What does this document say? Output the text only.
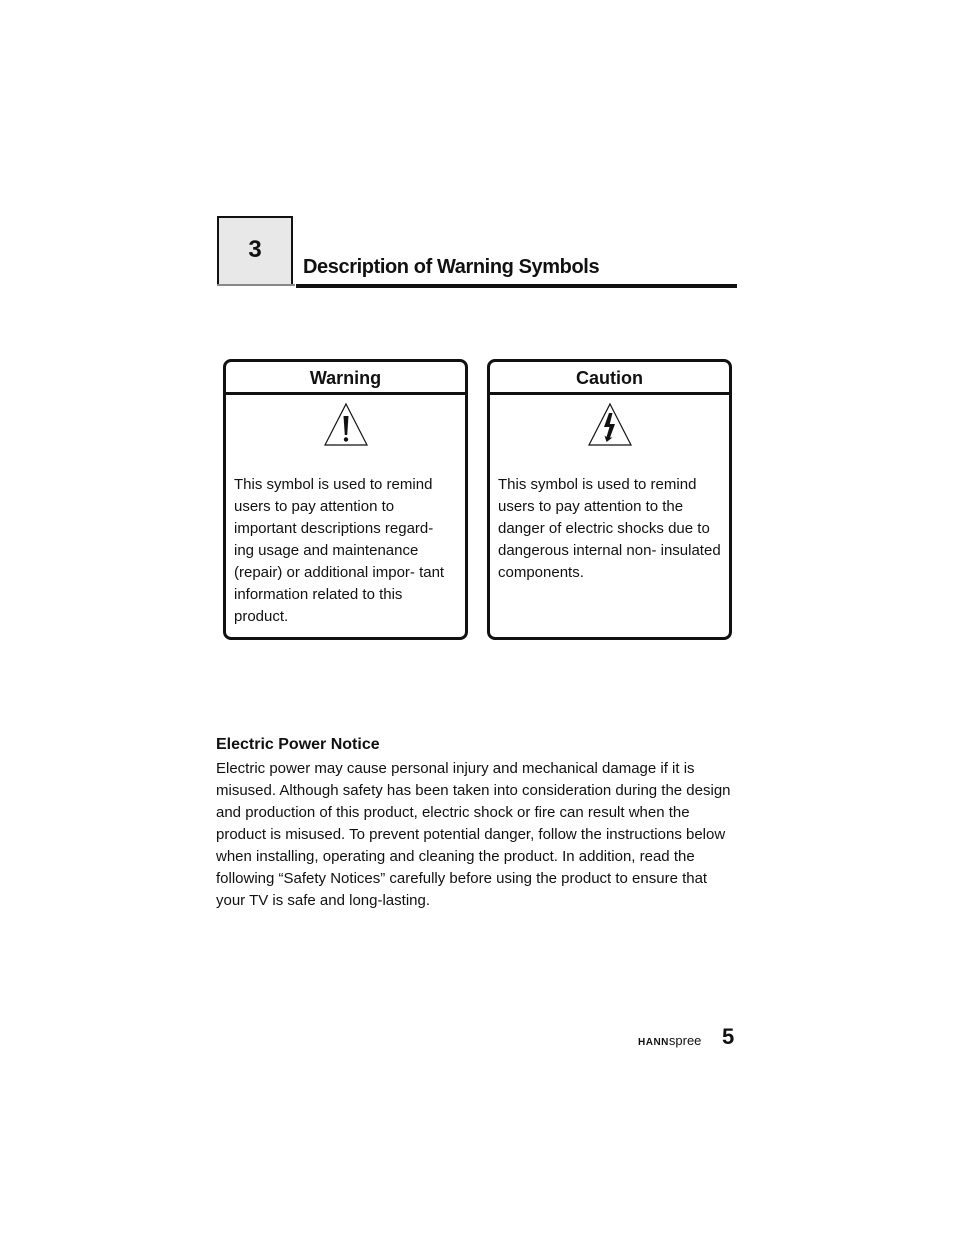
3
Description of Warning Symbols
Warning

This symbol is used to remind users to pay attention to important descriptions regard- ing usage and maintenance (repair) or additional impor- tant information related to this product.

Caution

This symbol is used to remind users to pay attention to the danger of electric shocks due to dangerous internal non- insulated components.

Electric Power Notice

Electric power may cause personal injury and mechanical damage if it is misused. Although safety has been taken into consideration during the design and production of this product, electric shock or fire can result when the product is misused. To prevent potential danger, follow the instructions below when installing, operating and cleaning the product. In addition, read the following “Safety Notices” carefully before using the product to ensure that your TV is safe and long-lasting.

HANNspree 5
